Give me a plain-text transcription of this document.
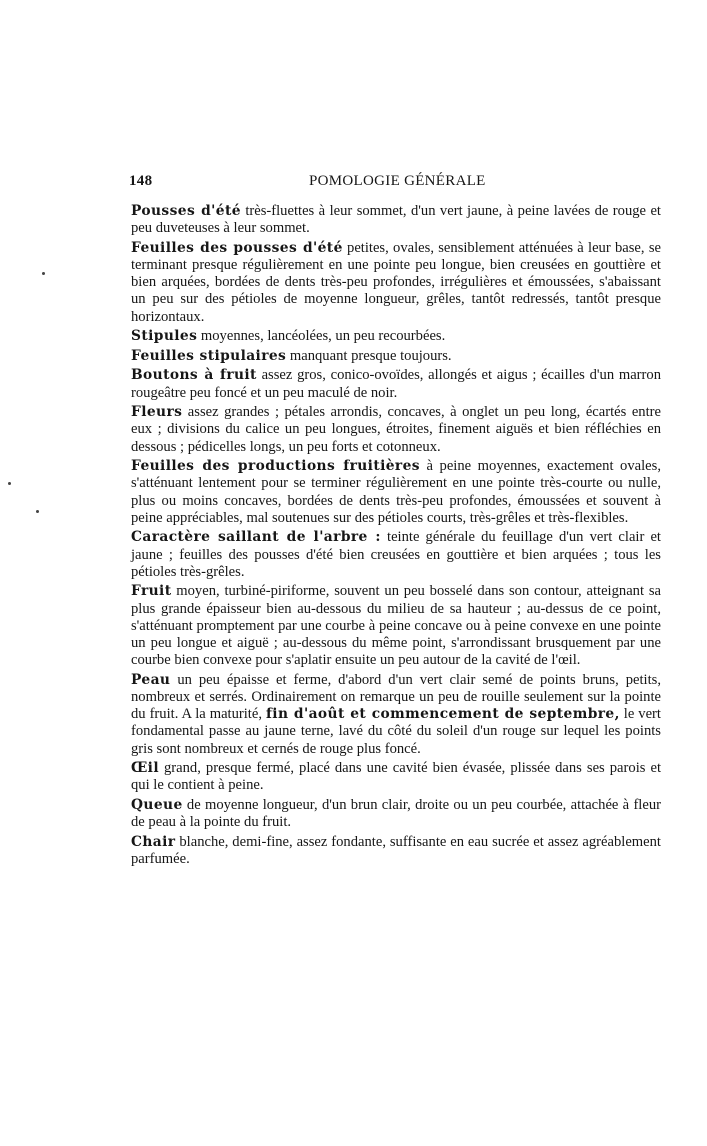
148	POMOLOGIE GÉNÉRALE

Pousses d'été très-fluettes à leur sommet, d'un vert jaune, à peine lavées de rouge et peu duveteuses à leur sommet.

Feuilles des pousses d'été petites, ovales, sensiblement atténuées à leur base, se terminant presque régulièrement en une pointe peu longue, bien creusées en gouttière et bien arquées, bordées de dents très-peu profondes, irrégulières et émoussées, s'abaissant un peu sur des pétioles de moyenne longueur, grêles, tantôt redressés, tantôt presque horizontaux.

Stipules moyennes, lancéolées, un peu recourbées.

Feuilles stipulaires manquant presque toujours.

Boutons à fruit assez gros, conico-ovoïdes, allongés et aigus ; écailles d'un marron rougeâtre peu foncé et un peu maculé de noir.

Fleurs assez grandes ; pétales arrondis, concaves, à onglet un peu long, écartés entre eux ; divisions du calice un peu longues, étroites, finement aiguës et bien réfléchies en dessous ; pédicelles longs, un peu forts et cotonneux.

Feuilles des productions fruitières à peine moyennes, exactement ovales, s'atténuant lentement pour se terminer régulièrement en une pointe très-courte ou nulle, plus ou moins concaves, bordées de dents très-peu profondes, émoussées et souvent à peine appréciables, mal soutenues sur des pétioles courts, très-grêles et très-flexibles.

Caractère saillant de l'arbre : teinte générale du feuillage d'un vert clair et jaune ; feuilles des pousses d'été bien creusées en gouttière et bien arquées ; tous les pétioles très-grêles.

Fruit moyen, turbiné-piriforme, souvent un peu bosselé dans son contour, atteignant sa plus grande épaisseur bien au-dessous du milieu de sa hauteur ; au-dessus de ce point, s'atténuant promptement par une courbe à peine concave ou à peine convexe en une pointe un peu longue et aiguë ; au-dessous du même point, s'arrondissant brusquement par une courbe bien convexe pour s'aplatir ensuite un peu autour de la cavité de l'œil.

Peau un peu épaisse et ferme, d'abord d'un vert clair semé de points bruns, petits, nombreux et serrés. Ordinairement on remarque un peu de rouille seulement sur la pointe du fruit. A la maturité, fin d'août et commencement de septembre, le vert fondamental passe au jaune terne, lavé du côté du soleil d'un rouge sur lequel les points gris sont nombreux et cernés de rouge plus foncé.

Œil grand, presque fermé, placé dans une cavité bien évasée, plissée dans ses parois et qui le contient à peine.

Queue de moyenne longueur, d'un brun clair, droite ou un peu courbée, attachée à fleur de peau à la pointe du fruit.

Chair blanche, demi-fine, assez fondante, suffisante en eau sucrée et assez agréablement parfumée.
